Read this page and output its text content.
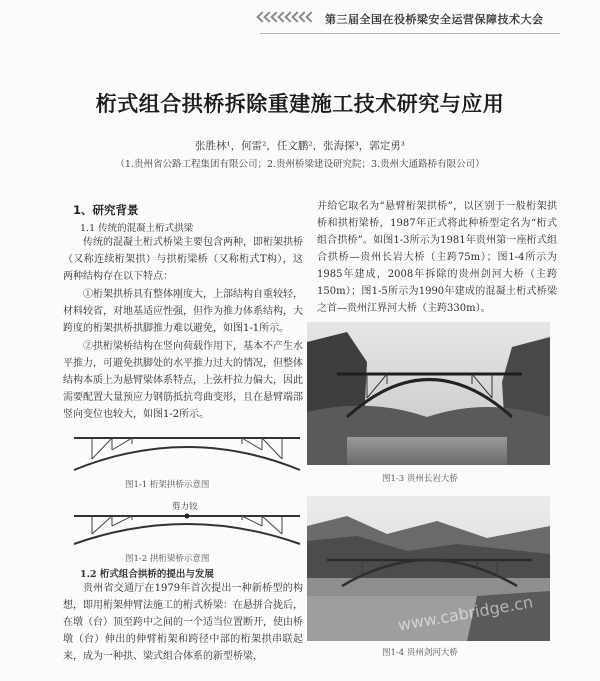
第三届全国在役桥梁安全运营保障技术大会
桁式组合拱桥拆除重建施工技术研究与应用
张胜林¹，何雷²，任文鹏²，张海探³，郭定勇³
（1.贵州省公路工程集团有限公司；2.贵州桥梁建设研究院；3.贵州大通路桥有限公司）
1、研究背景
1.1 传统的混凝土桁式拱梁

传统的混凝土桁式桥梁主要包含两种，即桁架拱桥（又称连续桁架拱）与拱桁梁桥（又称桁式T构），这两种结构存在以下特点：

①桁架拱桥具有整体刚度大，上部结构自重较轻，材料较省，对地基适应性强，但作为推力体系结构，大跨度的桁架拱桥拱脚推力难以避免，如图1-1所示。

②拱桁梁桥结构在竖向荷载作用下，基本不产生水平推力，可避免拱脚处的水平推力过大的情况，但整体结构本质上为悬臂梁体系特点，上弦杆拉力偏大，因此需要配置大量预应力钢筋抵抗弯曲变形，且在悬臂端部竖向变位也较大，如图1-2所示。

图1-1 桁架拱桥示意图
剪力铰
图1-2 拱桁梁桥示意图
1.2 桁式组合拱桥的提出与发展

贵州省交通厅在1979年首次提出一种新桥型的构想，即用桁架伸臂法施工的桁式桥梁：在悬拼合拢后，在墩（台）顶至跨中之间的一个适当位置断开，使由桥墩（台）伸出的伸臂桁架和跨径中部的桁架拱串联起来，成为一种拱、梁式组合体系的新型桥梁，

并给它取名为“悬臂桁架拱桥”，以区别于一般桁架拱桥和拱桁梁桥，1987年正式将此种桥型定名为“桁式组合拱桥”。如图1-3所示为1981年贵州第一座桁式组合拱桥—贵州长岩大桥（主跨75m）；图1-4所示为1985年建成，2008年拆除的贵州剑河大桥（主跨150m）；图1-5所示为1990年建成的混凝土桁式桥梁之首—贵州江界河大桥（主跨330m）。

图1-3 贵州长岩大桥
www.cabridge.cn
图1-4 贵州剑河大桥
